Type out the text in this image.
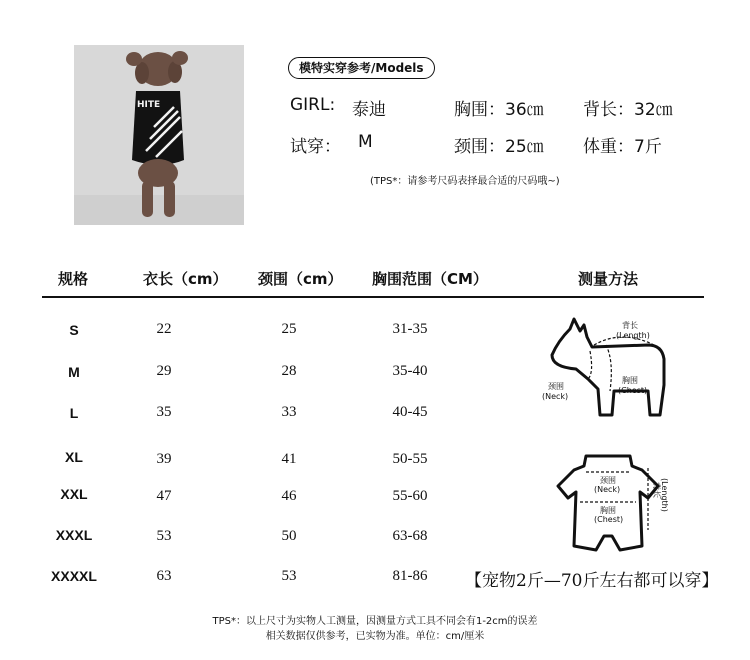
HITE
模特实穿参考/Models
GIRL: 泰迪	胸围：36㎝ 背长：32㎝
试穿： M	颈围：25㎝ 体重：7斤
(TPS*：请参考尺码表择最合适的尺码哦~)
规格	衣长（cm） 颈围（cm） 胸围范围（CM）	测量方法
S	22	25	31-35
M	29	28	35-40
L	35	33	40-45
XL	39	41	50-55
XXL	47	46	55-60
XXXL	53	50	63-68
XXXXL	63	53	81-86
背长
(Length)
颈围
(Neck)
胸围
(Chest)
颈围
(Neck)
胸围
(Chest)
背长 (Length)
【宠物2斤—70斤左右都可以穿】
TPS*：以上尺寸为实物人工测量，因测量方式工具不同会有1-2cm的误差
相关数据仅供参考，已实物为准。单位：cm/厘米
